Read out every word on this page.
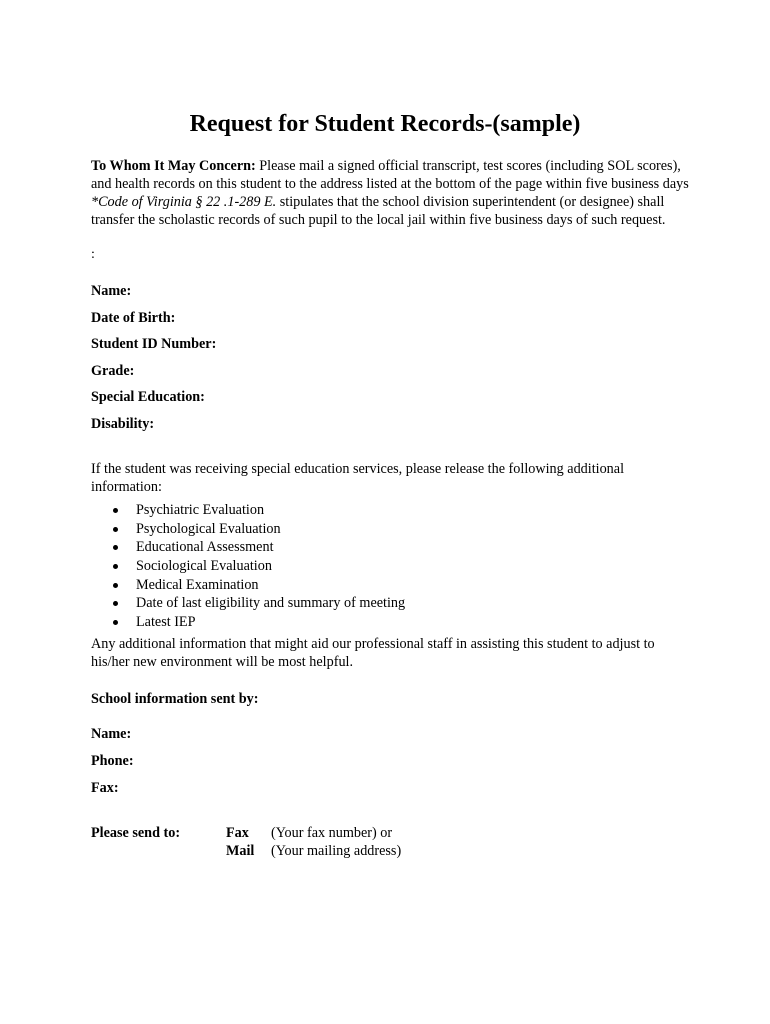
Request for Student Records-(sample)
To Whom It May Concern: Please mail a signed official transcript, test scores (including SOL scores), and health records on this student to the address listed at the bottom of the page within five business days *Code of Virginia § 22 .1-289 E. stipulates that the school division superintendent (or designee) shall transfer the scholastic records of such pupil to the local jail within five business days of such request.
:
Name:
Date of Birth:
Student ID Number:
Grade:
Special Education:
Disability:
If the student was receiving special education services, please release the following additional information:
Psychiatric Evaluation
Psychological Evaluation
Educational Assessment
Sociological Evaluation
Medical Examination
Date of last eligibility and summary of meeting
Latest IEP
Any additional information that might aid our professional staff in assisting this student to adjust to his/her new environment will be most helpful.
School information sent by:
Name:
Phone:
Fax:
Please send to:	Fax (Your fax number) or
Mail (Your mailing address)
